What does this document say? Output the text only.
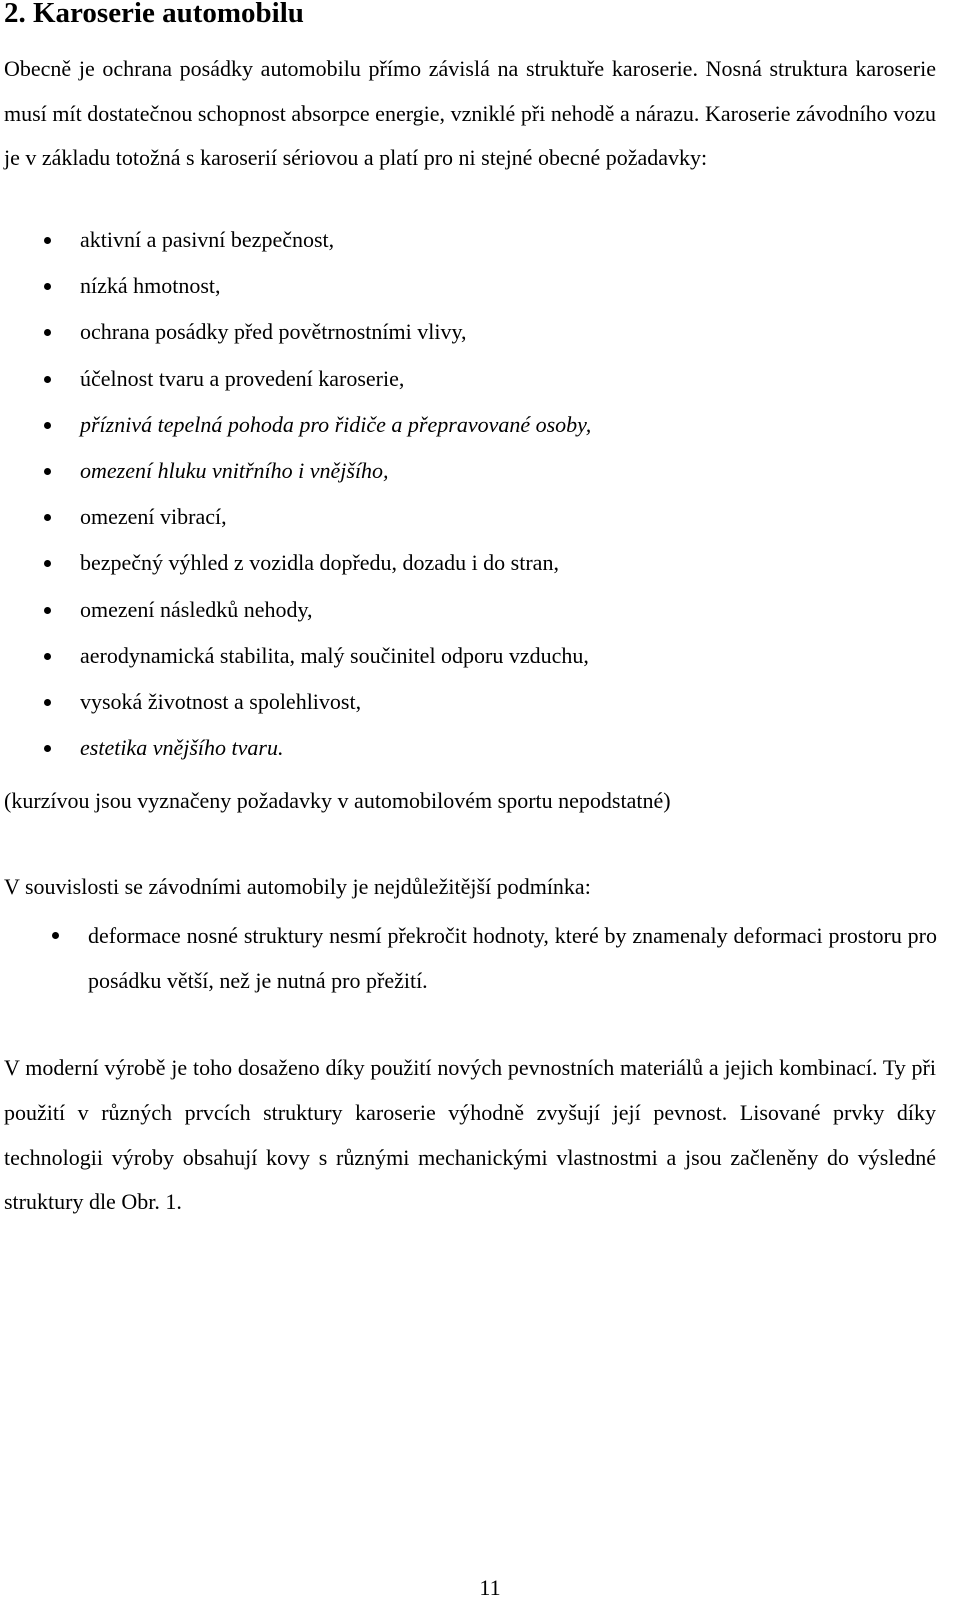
2. Karoserie automobilu

Obecně je ochrana posádky automobilu přímo závislá na struktuře karoserie. Nosná struktura karoserie musí mít dostatečnou schopnost absorpce energie, vzniklé při nehodě a nárazu. Karoserie závodního vozu je v základu totožná s karoserií sériovou a platí pro ni stejné obecné požadavky:

aktivní a pasivní bezpečnost,
nízká hmotnost,
ochrana posádky před povětrnostními vlivy,
účelnost tvaru a provedení karoserie,
příznivá tepelná pohoda pro řidiče a přepravované osoby,
omezení hluku vnitřního i vnějšího,
omezení vibrací,
bezpečný výhled z vozidla dopředu, dozadu i do stran,
omezení následků nehody,
aerodynamická stabilita, malý součinitel odporu vzduchu,
vysoká životnost a spolehlivost,
estetika vnějšího tvaru.

(kurzívou jsou vyznačeny požadavky v automobilovém sportu nepodstatné)

V souvislosti se závodními automobily je nejdůležitější podmínka:

deformace nosné struktury nesmí překročit hodnoty, které by znamenaly deformaci prostoru pro posádku větší, než je nutná pro přežití.

V moderní výrobě je toho dosaženo díky použití nových pevnostních materiálů a jejich kombinací. Ty při použití v různých prvcích struktury karoserie výhodně zvyšují její pevnost. Lisované prvky díky technologii výroby obsahují kovy s různými mechanickými vlastnostmi a jsou začleněny do výsledné struktury dle Obr. 1.

11
